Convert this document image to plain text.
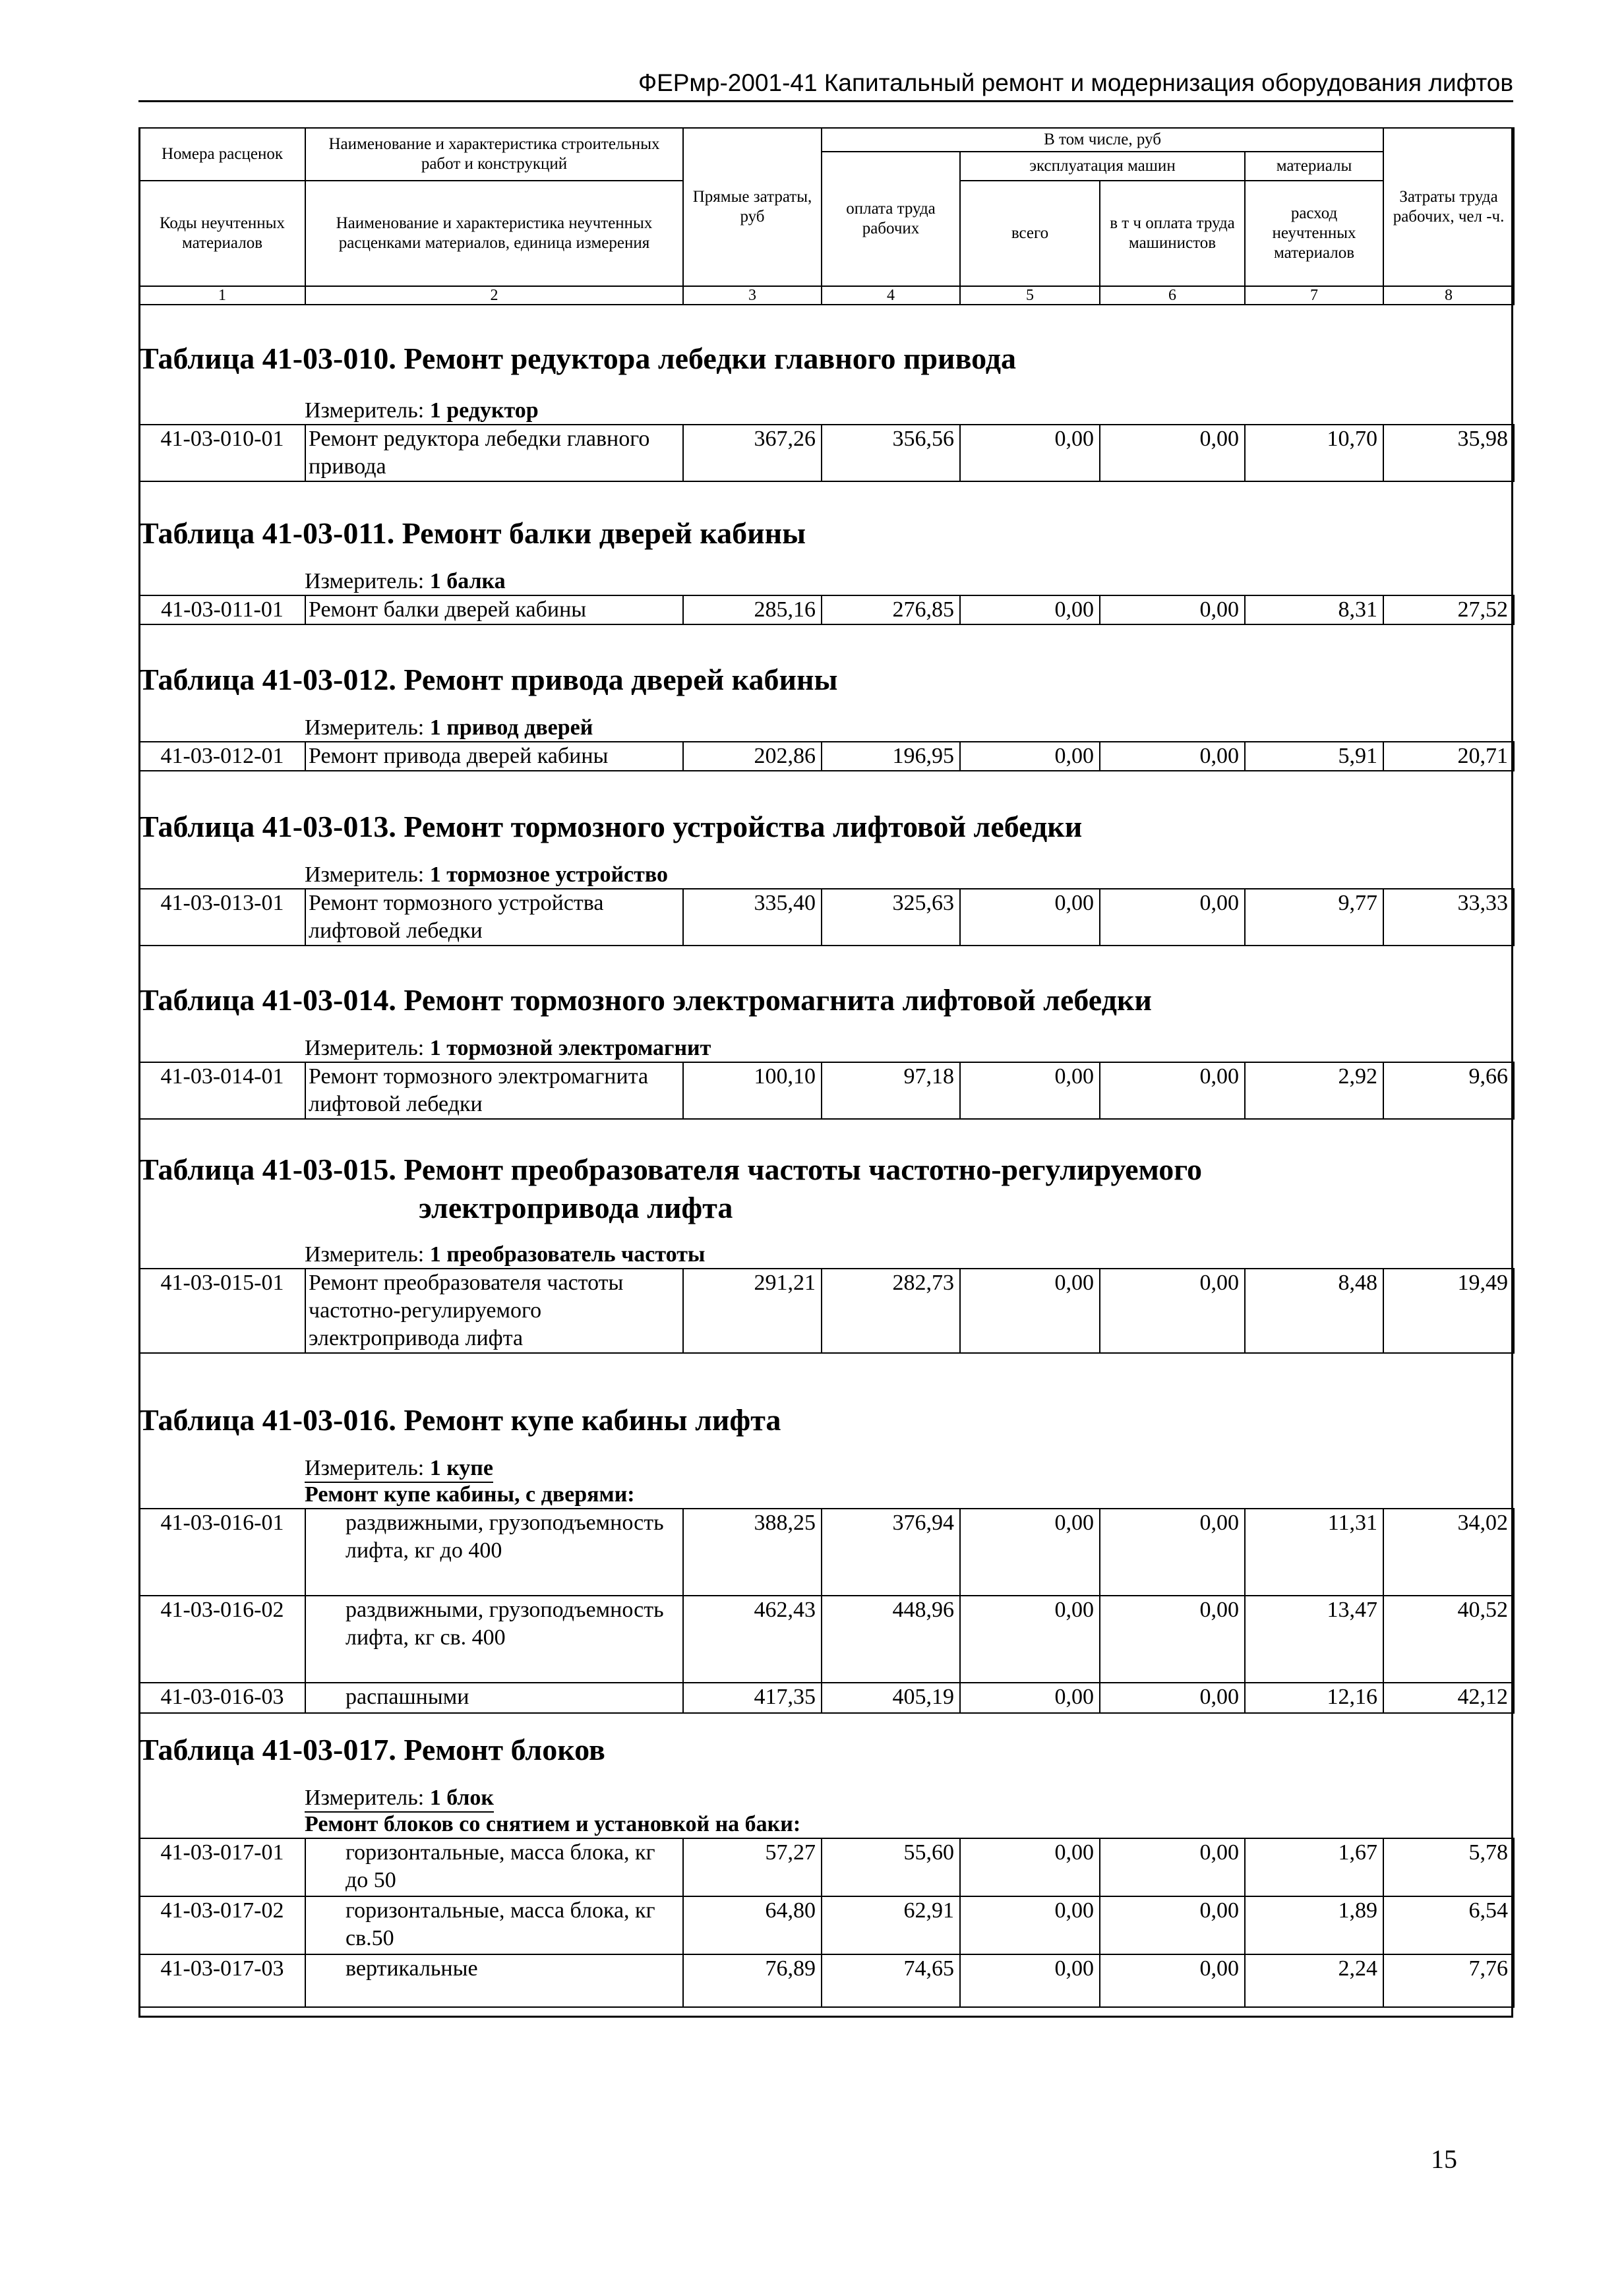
ФЕРмр-2001-41 Капитальный ремонт и модернизация оборудования лифтов
Номера расценок	Наименование и характеристика строительных работ и конструкций	Прямые затраты, руб	В том числе, руб				Затраты труда рабочих, чел -ч.
			оплата труда рабочих	эксплуатация машин		материалы	
Коды неучтенных материалов	Наименование и характеристика неучтенных расценками материалов, единица измерения			всего	в т ч оплата труда машинистов	расход неучтенных материалов	

1	2	3	4	5	6	7	8
Таблица 41-03-010. Ремонт редуктора лебедки главного привода
Измеритель: 1 редуктор
41-03-010-01	Ремонт редуктора лебедки главного привода	367,26	356,56	0,00	0,00	10,70	35,98
Таблица 41-03-011. Ремонт балки дверей кабины
Измеритель: 1 балка
41-03-011-01	Ремонт балки дверей кабины	285,16	276,85	0,00	0,00	8,31	27,52
Таблица 41-03-012. Ремонт привода дверей кабины
Измеритель: 1 привод дверей
41-03-012-01	Ремонт привода дверей кабины	202,86	196,95	0,00	0,00	5,91	20,71
Таблица 41-03-013. Ремонт тормозного устройства лифтовой лебедки
Измеритель: 1 тормозное устройство
41-03-013-01	Ремонт тормозного устройства лифтовой лебедки	335,40	325,63	0,00	0,00	9,77	33,33
Таблица 41-03-014. Ремонт тормозного электромагнита лифтовой лебедки
Измеритель: 1 тормозной электромагнит
41-03-014-01	Ремонт тормозного электромагнита лифтовой лебедки	100,10	97,18	0,00	0,00	2,92	9,66
Таблица 41-03-015. Ремонт преобразователя частоты частотно-регулируемого
электропривода лифта
Измеритель: 1 преобразователь частоты
41-03-015-01	Ремонт преобразователя частоты частотно-регулируемого электропривода лифта	291,21	282,73	0,00	0,00	8,48	19,49
Таблица 41-03-016. Ремонт купе кабины лифта
Измеритель: 1 купе
Ремонт купе кабины, с дверями:
41-03-016-01	раздвижными, грузоподъемность лифта, кг до 400	388,25	376,94	0,00	0,00	11,31	34,02
41-03-016-02	раздвижными, грузоподъемность лифта, кг св. 400	462,43	448,96	0,00	0,00	13,47	40,52
41-03-016-03	распашными	417,35	405,19	0,00	0,00	12,16	42,12
Таблица 41-03-017. Ремонт блоков
Измеритель: 1 блок
Ремонт блоков со снятием и установкой на баки:
41-03-017-01	горизонтальные, масса блока, кг до 50	57,27	55,60	0,00	0,00	1,67	5,78
41-03-017-02	горизонтальные, масса блока, кг св.50	64,80	62,91	0,00	0,00	1,89	6,54
41-03-017-03	вертикальные	76,89	74,65	0,00	0,00	2,24	7,76
15
